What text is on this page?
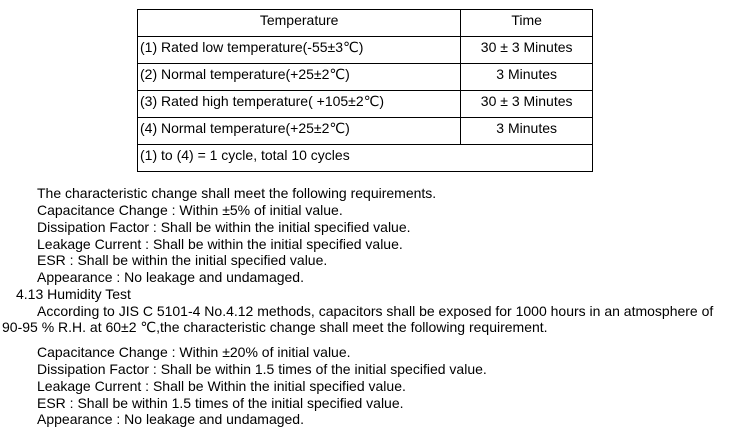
Temperature	Time
(1) Rated low temperature(-55±3℃)	30 ± 3 Minutes
(2) Normal temperature(+25±2℃)	3 Minutes
(3) Rated high temperature( +105±2℃)	30 ± 3 Minutes
(4) Normal temperature(+25±2℃)	3 Minutes
(1) to (4) = 1 cycle, total 10 cycles	
The characteristic change shall meet the following requirements.
Capacitance Change : Within ±5% of initial value.
Dissipation Factor : Shall be within the initial specified value.
Leakage Current : Shall be within the initial specified value.
ESR : Shall be within the initial specified value.
Appearance : No leakage and undamaged.
4.13 Humidity Test
According to JIS C 5101-4 No.4.12 methods, capacitors shall be exposed for 1000 hours in an atmosphere of
90-95 % R.H. at 60±2 ℃,the characteristic change shall meet the following requirement.
Capacitance Change : Within ±20% of initial value.
Dissipation Factor : Shall be within 1.5 times of the initial specified value.
Leakage Current : Shall be Within the initial specified value.
ESR : Shall be within 1.5 times of the initial specified value.
Appearance : No leakage and undamaged.
